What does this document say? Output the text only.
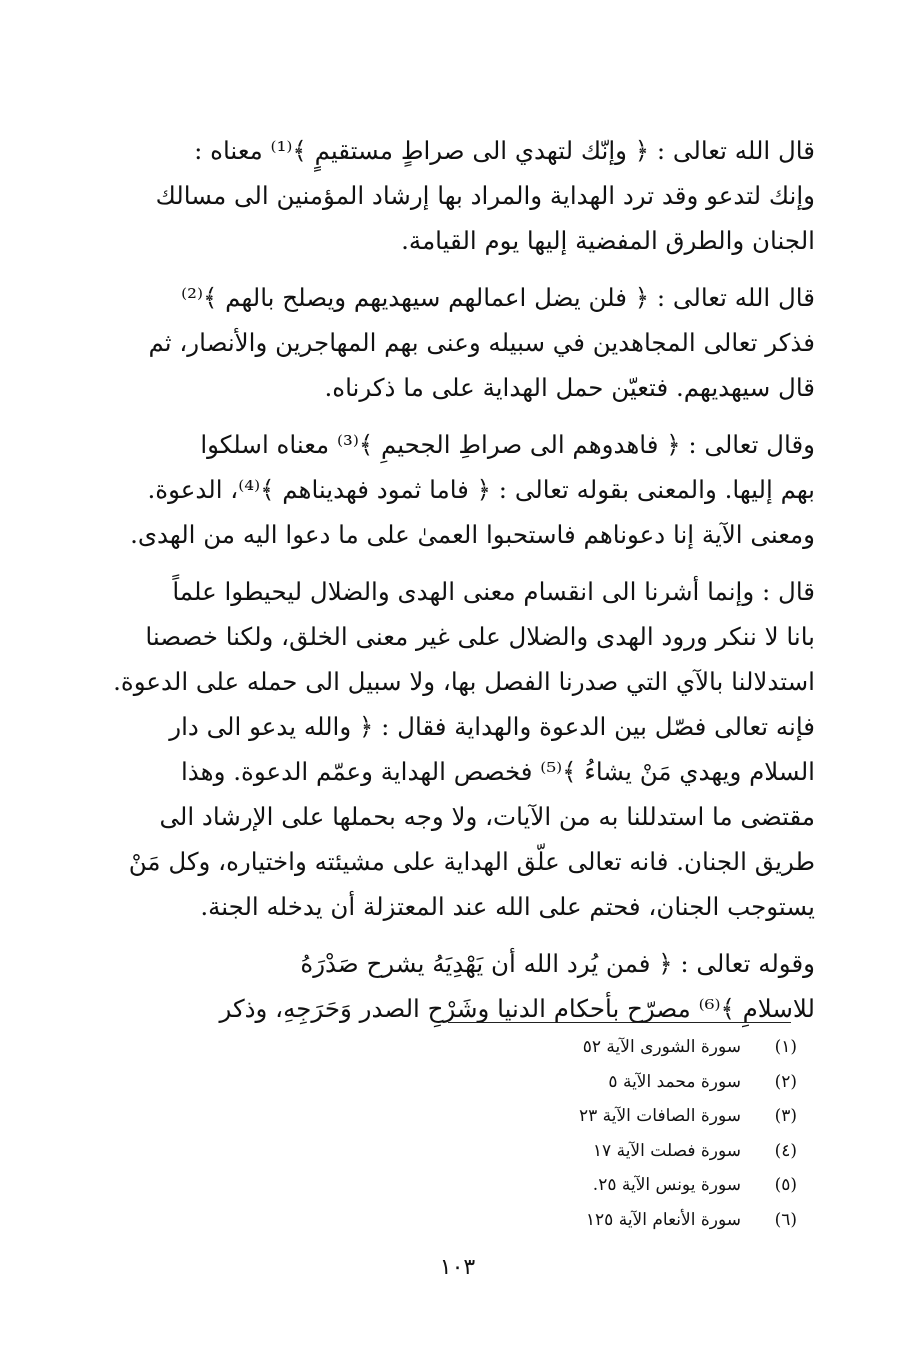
قال الله تعالى : ﴿ وإنّك لتهدي الى صراطٍ مستقيمٍ ﴾⁽¹⁾ معناه :
وإنك لتدعو وقد ترد الهداية والمراد بها إرشاد المؤمنين الى مسالك
الجنان والطرق المفضية إليها يوم القيامة.

قال الله تعالى : ﴿ فلن يضل اعمالهم سيهديهم ويصلح بالهم ﴾⁽²⁾
فذكر تعالى المجاهدين في سبيله وعنى بهم المهاجرين والأنصار، ثم
قال سيهديهم. فتعيّن حمل الهداية على ما ذكرناه.

وقال تعالى : ﴿ فاهدوهم الى صراطِ الجحيمِ ﴾⁽³⁾ معناه اسلكوا
بهم إليها. والمعنى بقوله تعالى : ﴿ فاما ثمود فهديناهم ﴾⁽⁴⁾، الدعوة.
ومعنى الآية إنا دعوناهم فاستحبوا العمىٰ على ما دعوا اليه من الهدى.

قال : وإنما أشرنا الى انقسام معنى الهدى والضلال ليحيطوا علماً
بانا لا ننكر ورود الهدى والضلال على غير معنى الخلق، ولكنا خصصنا
استدلالنا بالآي التي صدرنا الفصل بها، ولا سبيل الى حمله على الدعوة.
فإنه تعالى فصّل بين الدعوة والهداية فقال : ﴿ والله يدعو الى دار
السلام ويهدي مَنْ يشاءُ ﴾⁽⁵⁾ فخصص الهداية وعمّم الدعوة. وهذا
مقتضى ما استدللنا به من الآيات، ولا وجه بحملها على الإرشاد الى
طريق الجنان. فانه تعالى علّق الهداية على مشيئته واختياره، وكل مَنْ
يستوجب الجنان، فحتم على الله عند المعتزلة أن يدخله الجنة.

وقوله تعالى : ﴿ فمن يُرد الله أن يَهْدِيَهُ يشرح صَدْرَهُ
للاسلامِ ﴾⁽⁶⁾ مصرّح بأحكام الدنيا وشَرْحِ الصدر وَحَرَجِهِ، وذكر

(١)سورة الشورى الآية ٥٢
(٢)سورة محمد الآية ٥
(٣)سورة الصافات الآية ٢٣
(٤)سورة فصلت الآية ١٧
(٥)سورة يونس الآية ٢٥.
(٦)سورة الأنعام الآية ١٢٥
١٠٣
